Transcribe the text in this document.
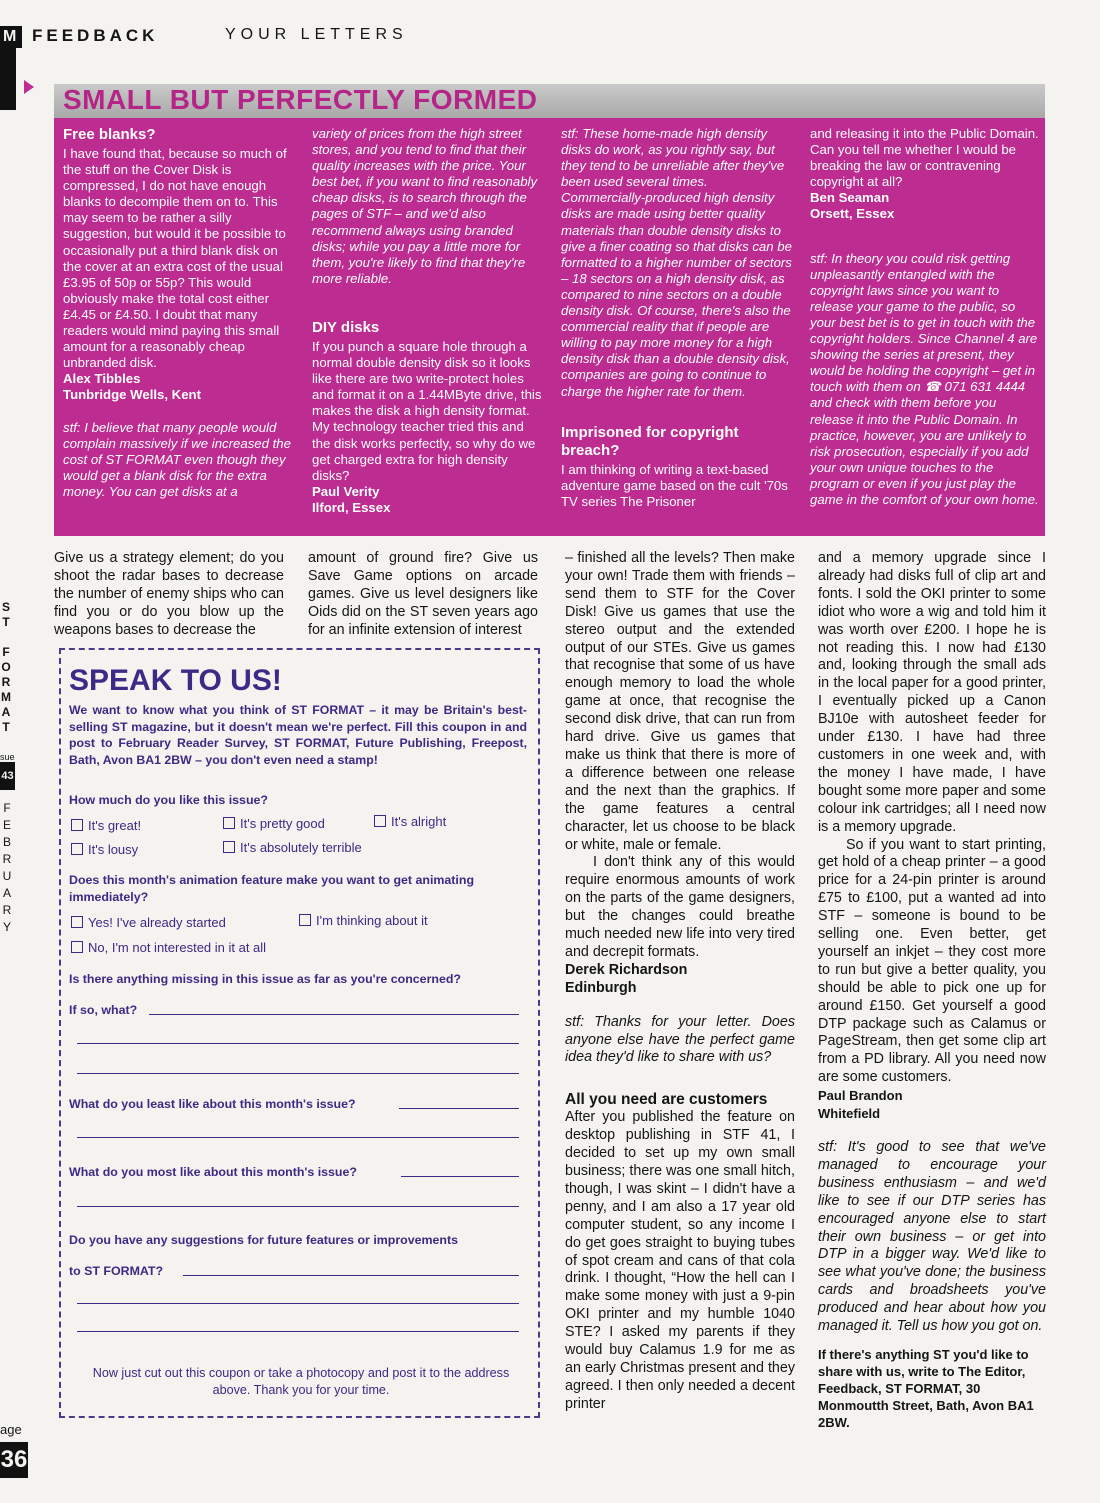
M FEEDBACK	YOUR LETTERS
SMALL BUT PERFECTLY FORMED

Free blanks?

I have found that, because so much of the stuff on the Cover Disk is compressed, I do not have enough blanks to decompile them on to. This may seem to be rather a silly suggestion, but would it be possible to occasionally put a third blank disk on the cover at an extra cost of the usual £3.95 of 50p or 55p? This would obviously make the total cost either £4.45 or £4.50. I doubt that many readers would mind paying this small amount for a reasonably cheap unbranded disk.

Alex Tibbles

Tunbridge Wells, Kent

stf: I believe that many people would complain massively if we increased the cost of ST FORMAT even though they would get a blank disk for the extra money. You can get disks at a

variety of prices from the high street stores, and you tend to find that their quality increases with the price. Your best bet, if you want to find reasonably cheap disks, is to search through the pages of STF – and we'd also recommend always using branded disks; while you pay a little more for them, you're likely to find that they're more reliable.

DIY disks

If you punch a square hole through a normal double density disk so it looks like there are two write-protect holes and format it on a 1.44MByte drive, this makes the disk a high density format. My technology teacher tried this and the disk works perfectly, so why do we get charged extra for high density disks?

Paul Verity

Ilford, Essex

stf: These home-made high density disks do work, as you rightly say, but they tend to be unreliable after they've been used several times. Commercially-produced high density disks are made using better quality materials than double density disks to give a finer coating so that disks can be formatted to a higher number of sectors – 18 sectors on a high density disk, as compared to nine sectors on a double density disk. Of course, there's also the commercial reality that if people are willing to pay more money for a high density disk than a double density disk, companies are going to continue to charge the higher rate for them.

Imprisoned for copyright breach?

I am thinking of writing a text-based adventure game based on the cult '70s TV series The Prisoner

and releasing it into the Public Domain. Can you tell me whether I would be breaking the law or contravening copyright at all?

Ben Seaman

Orsett, Essex

stf: In theory you could risk getting unpleasantly entangled with the copyright laws since you want to release your game to the public, so your best bet is to get in touch with the copyright holders. Since Channel 4 are showing the series at present, they would be holding the copyright – get in touch with them on ☎ 071 631 4444 and check with them before you release it into the Public Domain. In practice, however, you are unlikely to risk prosecution, especially if you add your own unique touches to the program or even if you just play the game in the comfort of your own home.

Give us a strategy element; do you shoot the radar bases to decrease the number of enemy ships who can find you or do you blow up the weapons bases to decrease the

amount of ground fire? Give us Save Game options on arcade games. Give us level designers like Oids did on the ST seven years ago for an infinite extension of interest

– finished all the levels? Then make your own! Trade them with friends – send them to STF for the Cover Disk! Give us games that use the stereo output and the extended output of our STEs. Give us games that recognise that some of us have enough memory to load the whole game at once, that recognise the second disk drive, that can run from hard drive. Give us games that make us think that there is more of a difference between one release and the next than the graphics. If the game features a central character, let us choose to be black or white, male or female.

I don't think any of this would require enormous amounts of work on the parts of the game designers, but the changes could breathe much needed new life into very tired and decrepit formats.

Derek Richardson

Edinburgh

stf: Thanks for your letter. Does anyone else have the perfect game idea they'd like to share with us?

All you need are customers

After you published the feature on desktop publishing in STF 41, I decided to set up my own small business; there was one small hitch, though, I was skint – I didn't have a penny, and I am also a 17 year old computer student, so any income I do get goes straight to buying tubes of spot cream and cans of that cola drink. I thought, “How the hell can I make some money with just a 9-pin OKI printer and my humble 1040 STE? I asked my parents if they would buy Calamus 1.9 for me as an early Christmas present and they agreed. I then only needed a decent printer

and a memory upgrade since I already had disks full of clip art and fonts. I sold the OKI printer to some idiot who wore a wig and told him it was worth over £200. I hope he is not reading this. I now had £130 and, looking through the small ads in the local paper for a good printer, I eventually picked up a Canon BJ10e with autosheet feeder for under £130. I have had three customers in one week and, with the money I have made, I have bought some more paper and some colour ink cartridges; all I need now is a memory upgrade.

So if you want to start printing, get hold of a cheap printer – a good price for a 24-pin printer is around £75 to £100, put a wanted ad into STF – someone is bound to be selling one. Even better, get yourself an inkjet – they cost more to run but give a better quality, you should be able to pick one up for around £150. Get yourself a good DTP package such as Calamus or PageStream, then get some clip art from a PD library. All you need now are some customers.

Paul Brandon

Whitefield

stf: It's good to see that we've managed to encourage your business enthusiasm – and we'd like to see if our DTP series has encouraged anyone else to start their own business – or get into DTP in a bigger way. We'd like to see what you've done; the business cards and broadsheets you've produced and hear about how you managed it. Tell us how you got on.

If there's anything ST you'd like to share with us, write to The Editor, Feedback, ST FORMAT, 30 Monmoutth Street, Bath, Avon BA1 2BW.

SPEAK TO US!
We want to know what you think of ST FORMAT – it may be Britain's best-selling ST magazine, but it doesn't mean we're perfect. Fill this coupon in and post to February Reader Survey, ST FORMAT, Future Publishing, Freepost, Bath, Avon BA1 2BW – you don't even need a stamp!
How much do you like this issue?
It's great!	It's pretty good	It's alright
It's lousy	It's absolutely terrible
Does this month's animation feature make you want to get animating immediately?
Yes! I've already started	I'm thinking about it
No, I'm not interested in it at all
Is there anything missing in this issue as far as you're concerned?
If so, what?
What do you least like about this month's issue?
What do you most like about this month's issue?
Do you have any suggestions for future features or improvements
to ST FORMAT?
Now just cut out this coupon or take a photocopy and post it to the address above. Thank you for your time.
S
T

F
O
R
M
A
T
sue
43
F
E
B
R
U
A
R
Y
age
36
